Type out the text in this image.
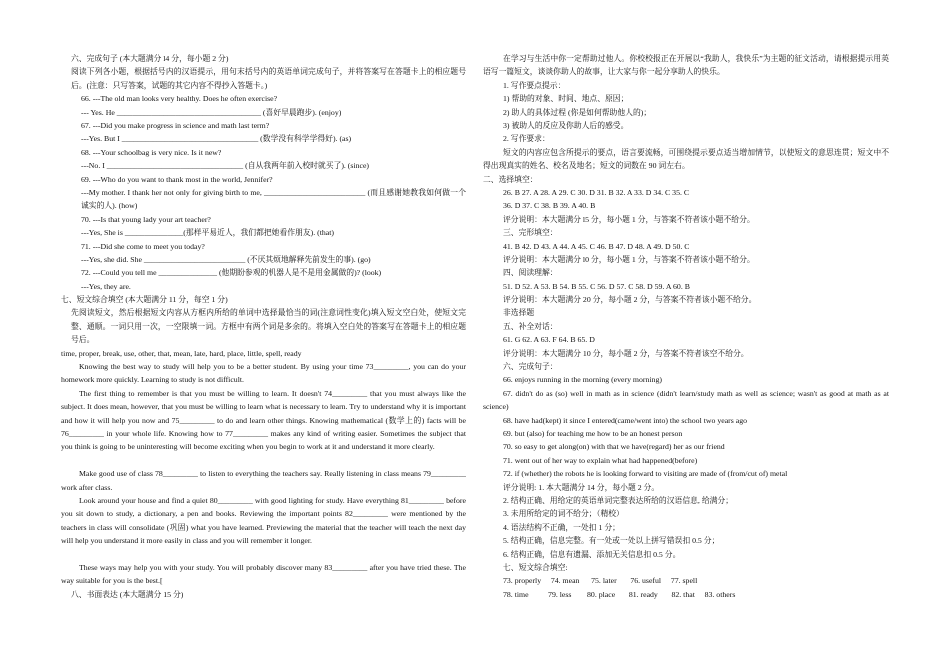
六、完成句子 (本大题满分 l4 分，每小题 2 分)
阅读下列各小题，根据括号内的汉语提示，用句末括号内的英语单词完成句子，并将答案写在答题卡上的相应题号后。(注意：只写答案，试题的其它内容不得抄入答题卡。)
66. ---The old man looks very healthy. Does he often exercise?
--- Yes. He _____________________________________ (喜好早晨跑步). (enjoy)
67. ---Did you make progress in science and math last term?
---Yes. But I ___________________________________ (数学没有科学学得好). (as)
68. ---Your schoolbag is very nice. Is it new?
---No. I ___________________________________ (自从我两年前入校时就买了). (since)
69. ---Who do you want to thank most in the world, Jennifer?
---My mother. I thank her not only for giving birth to me, __________________________ (而且感谢她教我如何做一个诚实的人). (how)
70. ---Is that young lady your art teacher?
---Yes, She is _______________(那样平易近人，我们都把她看作朋友). (that)
71. ---Did she come to meet you today?
---Yes, she did. She __________________________ (不厌其烦地解释先前发生的事). (go)
72. ---Could you tell me _______________ (他期盼参观的机器人是不是用金属做的)? (look)
---Yes, they are.
七、短文综合填空 (本大题满分 11 分，每空 1 分)
先阅读短文，然后根据短文内容从方框内所给的单词中选择最恰当的词(注意词性变化)填入短文空白处，使短文完整、通顺。一词只用一次，一空限填一词。方框中有两个词是多余的。将填入空白处的答案写在答题卡上的相应题号后。
time, proper, break, use, other, that, mean, late, hard, place, little, spell, ready
Knowing the best way to study will help you to be a better student. By using your time 73_________, you can do your homework more quickly. Learning to study is not difficult.
The first thing to remember is that you must be willing to learn. It doesn't 74_________ that you must always like the subject. It does mean, however, that you must be willing to learn what is necessary to learn. Try to understand why it is important and how it will help you now and 75_________ to do and learn other things. Knowing mathematical (数学上的) facts will be 76_________ in your whole life. Knowing how to 77_________ makes any kind of writing easier. Sometimes the subject that you think is going to be uninteresting will become exciting when you begin to work at it and understand it more clearly.
Make good use of class 78_________ to listen to everything the teachers say. Really listening in class means 79_________ work after class.
Look around your house and find a quiet 80_________ with good lighting for study. Have everything 81_________ before you sit down to study, a dictionary, a pen and books. Reviewing the important points 82_________ were mentioned by the teachers in class will consolidate (巩固) what you have learned. Previewing the material that the teacher will teach the next day will help you understand it more easily in class and you will remember it longer.
These ways may help you with your study. You will probably discover many 83_________ after you have tried these. The way suitable for you is the best.[
八、书面表达 (本大题满分 15 分)
在学习与生活中你一定帮助过他人。你校校报正在开展以“我助人，我快乐”为主题的征文活动，请根据提示用英语写一篇短文，谈谈你助人的故事，让大家与你一起分享助人的快乐。
1. 写作要点提示：
1) 帮助的对象、时间、地点、原因；
2) 助人的具体过程 (你是如何帮助他人的)；
3) 被助人的反应及你助人后的感受。
2. 写作要求：
短文的内容应包含所提示的要点，语言要流畅，可围绕提示要点适当增加情节，以使短文的意思连贯；短文中不得出现真实的姓名、校名及地名；短文的词数在 90 词左右。
二、选择填空：
26. B 27. A 28. A 29. C 30. D 31. B 32. A 33. D 34. C 35. C
36. D 37. C 38. B 39. A 40. B
评分说明：本大题满分 l5 分，每小题 1 分，与答案不符者该小题不给分。
三、完形填空：
41. B 42. D 43. A 44. A 45. C 46. B 47. D 48. A 49. D 50. C
评分说明：本大题满分 l0 分，每小题 1 分，与答案不符者该小题不给分。
四、阅读理解：
51. D 52. A 53. B 54. B 55. C 56. D 57. C 58. D 59. A 60. B
评分说明：本大题满分 20 分，每小题 2 分，与答案不符者该小题不给分。
非选择题
五、补全对话：
61. G 62. A 63. F 64. B 65. D
评分说明：本大题满分 10 分，每小题 2 分，与答案不符者该空不给分。
六、完成句子：
66. enjoys running in the morning (every morning)
67. didn't do as (so) well in math as in science (didn't learn/study math as well as science; wasn't as good at math as at science)
68. have had(kept) it since I entered(came/went into) the school two years ago
69. but (also) for teaching me how to be an honest person
70. so easy to get along(on) with that we have(regard) her as our friend
71. went out of her way to explain what had happened(before)
72. if (whether) the robots he is looking forward to visiting are made of (from/cut of) metal
评分说明: 1. 本大题满分 14 分，每小题 2 分。
2. 结构正确、用给定的英语单词完整表达所给的汉语信息, 给满分；
3. 未用所给定的词不给分；（精校）
4. 语法结构不正确，一处扣 1 分；
5. 结构正确，信息完整。有一处或一处以上拼写错误扣 0.5 分；
6. 结构正确，信息有遗漏、添加无关信息扣 0.5 分。
七、短文综合填空:
73. properly     74. mean      75. later       76. useful     77. spell
78. time          79. less        80. place       81. ready       82. that     83. others
